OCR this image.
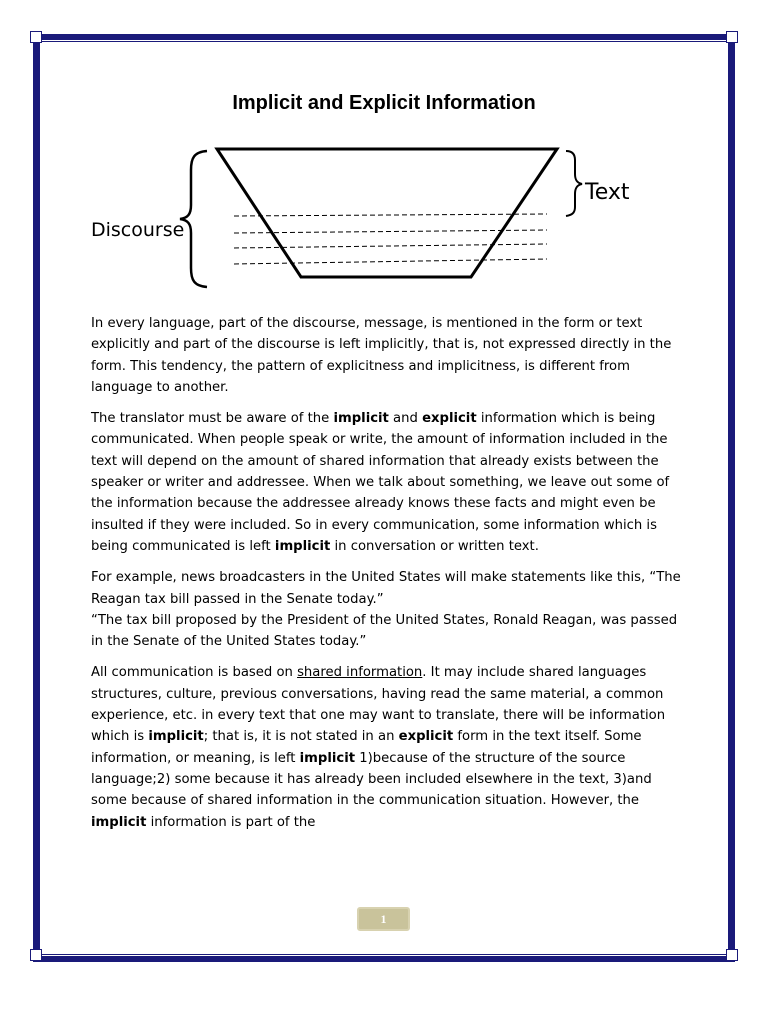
Implicit and Explicit Information
Text
Discourse

In every language, part of the discourse, message, is mentioned in the form or text explicitly and part of the discourse is left implicitly, that is, not expressed directly in the form. This tendency, the pattern of explicitness and implicitness, is different from language to another.

The translator must be aware of the implicit and explicit information which is being communicated. When people speak or write, the amount of information included in the text will depend on the amount of shared information that already exists between the speaker or writer and addressee. When we talk about something, we leave out some of the information because the addressee already knows these facts and might even be insulted if they were included. So in every communication, some information which is being communicated is left implicit in conversation or written text.

For example, news broadcasters in the United States will make statements like this, “The Reagan tax bill passed in the Senate today.”
“The tax bill proposed by the President of the United States, Ronald Reagan, was passed in the Senate of the United States today.”

All communication is based on shared information. It may include shared languages structures, culture, previous conversations, having read the same material, a common experience, etc. in every text that one may want to translate, there will be information which is implicit; that is, it is not stated in an explicit form in the text itself. Some information, or meaning, is left implicit 1)because of the structure of the source language;2) some because it has already been included elsewhere in the text, 3)and some because of shared information in the communication situation. However, the implicit information is part of the

1
